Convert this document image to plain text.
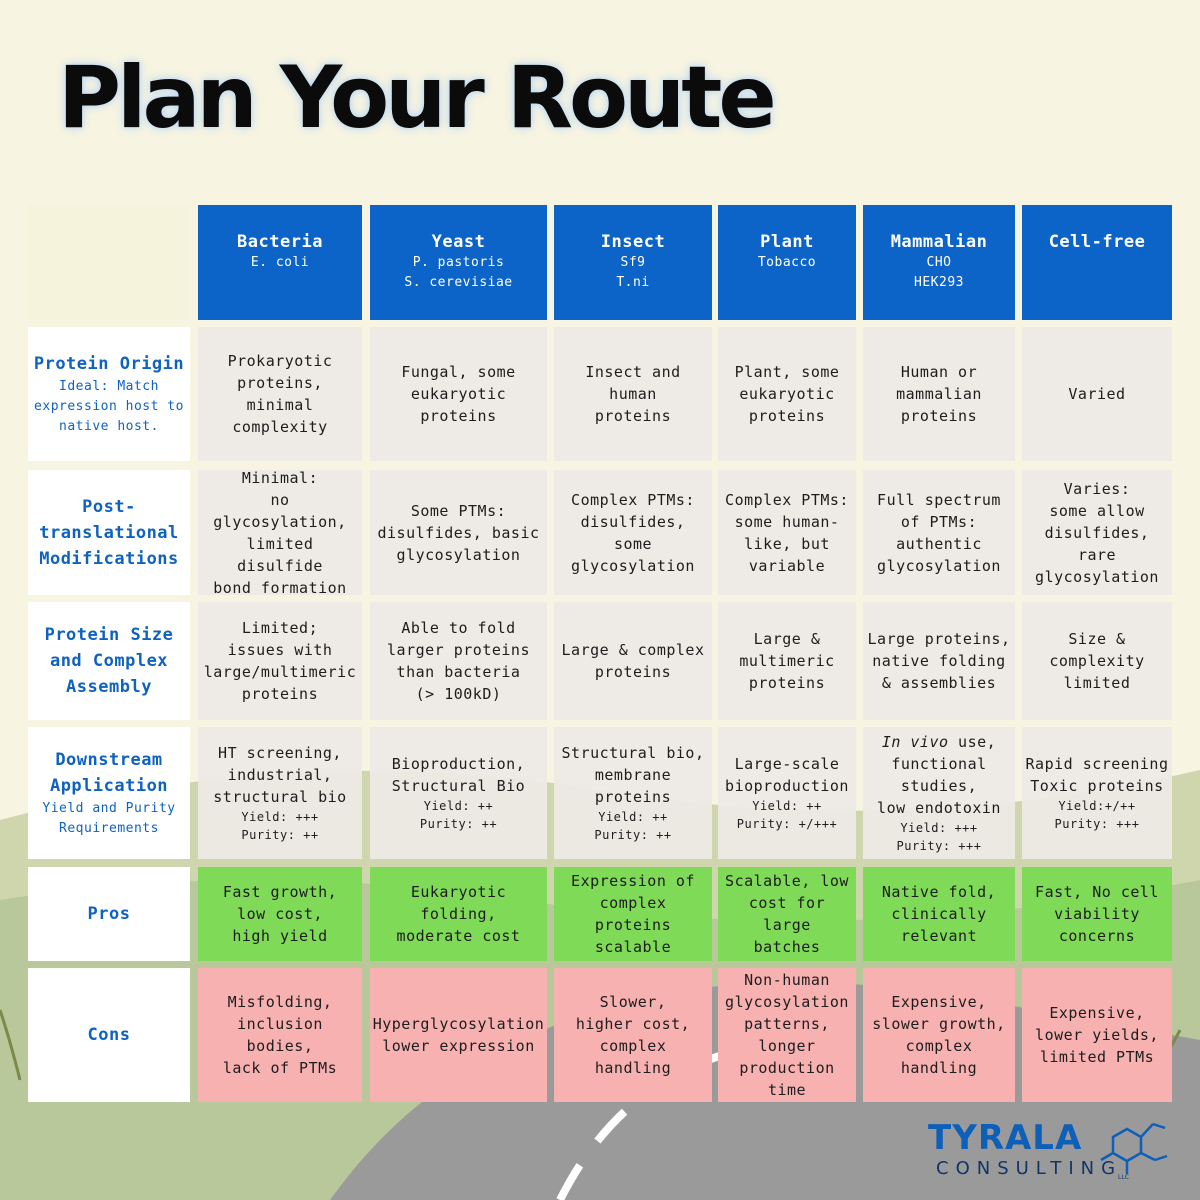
Plan Your Route
Bacteria
E. coli
Yeast
P. pastoris
S. cerevisiae
Insect
Sf9
T.ni
Plant
Tobacco
Mammalian
CHO
HEK293
Cell-free
Protein Origin
Ideal: Match
expression host to
native host.
Prokaryotic
proteins, minimal
complexity
Fungal, some
eukaryotic
proteins
Insect and human
proteins
Plant, some
eukaryotic
proteins
Human or
mammalian
proteins
Varied
Post-
translational
Modifications
Minimal:
no glycosylation,
limited disulfide
bond formation
Some PTMs:
disulfides, basic
glycosylation
Complex PTMs:
disulfides, some
glycosylation
Complex PTMs:
some human-
like, but
variable
Full spectrum
of PTMs:
authentic
glycosylation
Varies:
some allow
disulfides,
rare
glycosylation
Protein Size
and Complex
Assembly
Limited;
issues with
large/multimeric
proteins
Able to fold
larger proteins
than bacteria
(> 100kD)
Large & complex
proteins
Large &
multimeric
proteins
Large proteins,
native folding
& assemblies
Size &
complexity
limited
Downstream
Application
Yield and Purity
Requirements
HT screening,
industrial,
structural bio
Yield: +++
Purity: ++
Bioproduction,
Structural Bio
Yield: ++
Purity: ++
Structural bio,
membrane
proteins
Yield: ++
Purity: ++
Large-scale
bioproduction
Yield: ++
Purity: +/+++
In vivo use,
functional
studies,
low endotoxin
Yield: +++
Purity: +++
Rapid screening
Toxic proteins
Yield:+/++
Purity: +++
Pros
Fast growth,
low cost,
high yield
Eukaryotic
folding,
moderate cost
Expression of
complex proteins
scalable
Scalable, low
cost for large
batches
Native fold,
clinically
relevant
Fast, No cell
viability
concerns
Cons
Misfolding,
inclusion bodies,
lack of PTMs
Hyperglycosylation
lower expression
Slower,
higher cost,
complex handling
Non-human
glycosylation
patterns,
longer
production
time
Expensive,
slower growth,
complex
handling
Expensive,
lower yields,
limited PTMs
TYRALA
CONSULTING
LLC
